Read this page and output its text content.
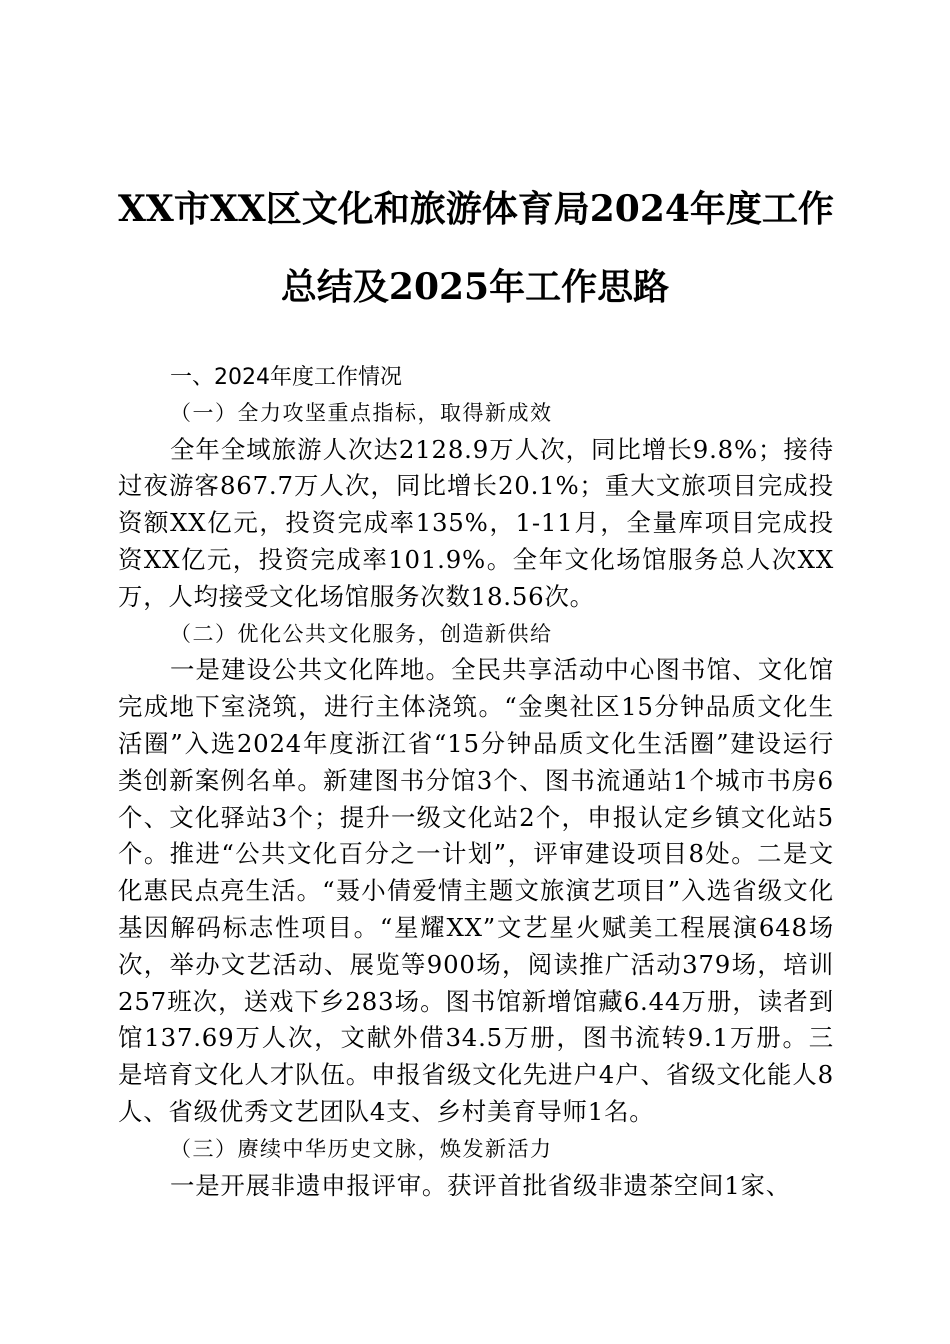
XX市XX区文化和旅游体育局2024年度工作
总结及2025年工作思路
一、2024年度工作情况
（一）全力攻坚重点指标，取得新成效

全年全域旅游人次达2128.9万人次，同比增长9.8%；接待过夜游客867.7万人次，同比增长20.1%；重大文旅项目完成投资额XX亿元，投资完成率135%，1-11月，全量库项目完成投资XX亿元，投资完成率101.9%。全年文化场馆服务总人次XX万，人均接受文化场馆服务次数18.56次。

（二）优化公共文化服务，创造新供给

一是建设公共文化阵地。全民共享活动中心图书馆、文化馆完成地下室浇筑，进行主体浇筑。“金奥社区15分钟品质文化生活圈”入选2024年度浙江省“15分钟品质文化生活圈”建设运行类创新案例名单。新建图书分馆3个、图书流通站1个城市书房6个、文化驿站3个；提升一级文化站2个，申报认定乡镇文化站5个。推进“公共文化百分之一计划”，评审建设项目8处。二是文化惠民点亮生活。“聂小倩爱情主题文旅演艺项目”入选省级文化基因解码标志性项目。“星耀XX”文艺星火赋美工程展演648场次，举办文艺活动、展览等900场，阅读推广活动379场，培训257班次，送戏下乡283场。图书馆新增馆藏6.44万册，读者到馆137.69万人次，文献外借34.5万册，图书流转9.1万册。三是培育文化人才队伍。申报省级文化先进户4户、省级文化能人8人、省级优秀文艺团队4支、乡村美育导师1名。

（三）赓续中华历史文脉，焕发新活力

一是开展非遗申报评审。获评首批省级非遗茶空间1家、
